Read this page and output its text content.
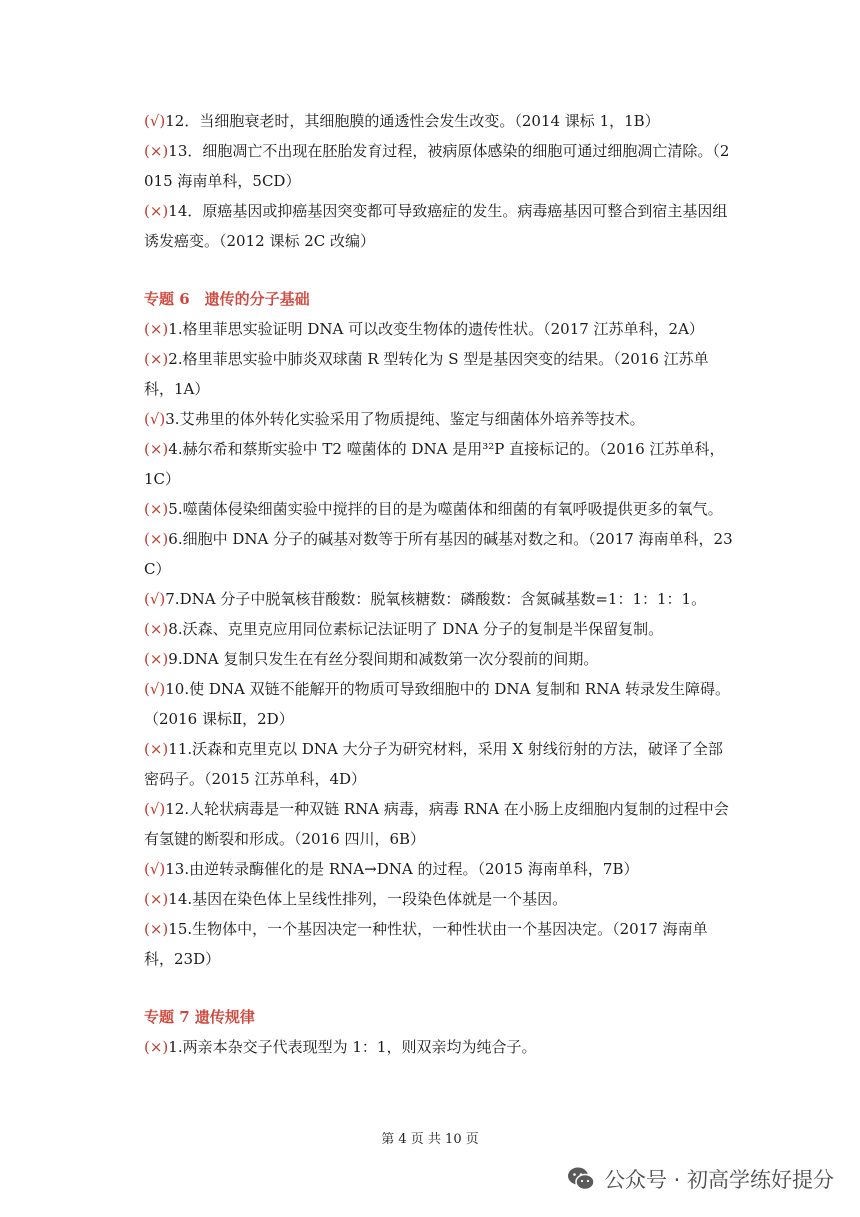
(√)12．当细胞衰老时，其细胞膜的通透性会发生改变。（2014 课标 1，1B）

(×)13．细胞凋亡不出现在胚胎发育过程，被病原体感染的细胞可通过细胞凋亡清除。（2015 海南单科，5CD）

(×)14．原癌基因或抑癌基因突变都可导致癌症的发生。病毒癌基因可整合到宿主基因组诱发癌变。（2012 课标 2C 改编）

专题 6　遗传的分子基础

(×)1.格里菲思实验证明 DNA 可以改变生物体的遗传性状。（2017 江苏单科，2A）

(×)2.格里菲思实验中肺炎双球菌 R 型转化为 S 型是基因突变的结果。（2016 江苏单科，1A）

(√)3.艾弗里的体外转化实验采用了物质提纯、鉴定与细菌体外培养等技术。

(×)4.赫尔希和蔡斯实验中 T2 噬菌体的 DNA 是用³²P 直接标记的。（2016 江苏单科，1C）

(×)5.噬菌体侵染细菌实验中搅拌的目的是为噬菌体和细菌的有氧呼吸提供更多的氧气。

(×)6.细胞中 DNA 分子的碱基对数等于所有基因的碱基对数之和。（2017 海南单科，23C）

(√)7.DNA 分子中脱氧核苷酸数：脱氧核糖数：磷酸数：含氮碱基数=1：1：1：1。

(×)8.沃森、克里克应用同位素标记法证明了 DNA 分子的复制是半保留复制。

(×)9.DNA 复制只发生在有丝分裂间期和减数第一次分裂前的间期。

(√)10.使 DNA 双链不能解开的物质可导致细胞中的 DNA 复制和 RNA 转录发生障碍。（2016 课标Ⅱ，2D）

(×)11.沃森和克里克以 DNA 大分子为研究材料，采用 X 射线衍射的方法，破译了全部密码子。（2015 江苏单科，4D）

(√)12.人轮状病毒是一种双链 RNA 病毒，病毒 RNA 在小肠上皮细胞内复制的过程中会有氢键的断裂和形成。（2016 四川，6B）

(√)13.由逆转录酶催化的是 RNA→DNA 的过程。（2015 海南单科，7B）

(×)14.基因在染色体上呈线性排列，一段染色体就是一个基因。

(×)15.生物体中，一个基因决定一种性状，一种性状由一个基因决定。（2017 海南单科，23D）

专题 7 遗传规律

(×)1.两亲本杂交子代表现型为 1：1，则双亲均为纯合子。

第 4 页 共 10 页
公众号 · 初高学练好提分
